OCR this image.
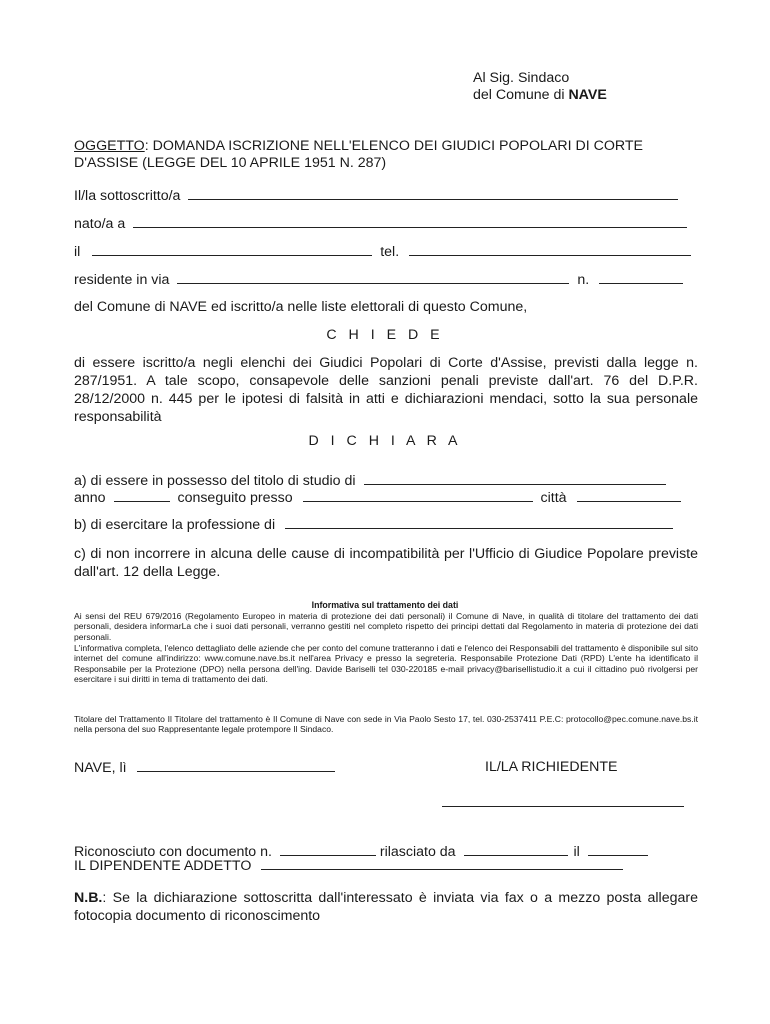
Al Sig. Sindaco
del Comune di NAVE
OGGETTO: DOMANDA ISCRIZIONE NELL'ELENCO DEI GIUDICI POPOLARI DI CORTE
D'ASSISE (LEGGE DEL 10 APRILE 1951 N. 287)
Il/la sottoscritto/a
nato/a a
il	tel.
residente in via	n.
del Comune di NAVE ed iscritto/a nelle liste elettorali di questo Comune,
C H I E D E
di essere iscritto/a negli elenchi dei Giudici Popolari di Corte d'Assise, previsti dalla legge n. 287/1951. A tale scopo, consapevole delle sanzioni penali previste dall'art. 76 del D.P.R. 28/12/2000 n. 445 per le ipotesi di falsità in atti e dichiarazioni mendaci, sotto la sua personale responsabilità
D I C H I A R A
a) di essere in possesso del titolo di studio di
anno	conseguito presso	città
b) di esercitare la professione di
c) di non incorrere in alcuna delle cause di incompatibilità per l'Ufficio di Giudice Popolare previste dall'art. 12 della Legge.
Informativa sul trattamento dei dati
Ai sensi del REU 679/2016 (Regolamento Europeo in materia di protezione dei dati personali) il Comune di Nave, in qualità di titolare del trattamento dei dati personali, desidera informarLa che i suoi dati personali, verranno gestiti nel completo rispetto dei principi dettati dal Regolamento in materia di protezione dei dati personali.
L'informativa completa, l'elenco dettagliato delle aziende che per conto del comune tratteranno i dati e l'elenco dei Responsabili del trattamento è disponibile sul sito internet del comune all'indirizzo: www.comune.nave.bs.it nell'area Privacy e presso la segreteria. Responsabile Protezione Dati (RPD) L'ente ha identificato il Responsabile per la Protezione (DPO) nella persona dell'ing. Davide Bariselli tel 030-220185 e-mail privacy@barisellistudio.it a cui il cittadino può rivolgersi per esercitare i sui diritti in tema di trattamento dei dati.
Titolare del Trattamento Il Titolare del trattamento è Il Comune di Nave con sede in Via Paolo Sesto 17, tel. 030-2537411 P.E.C: protocollo@pec.comune.nave.bs.it nella persona del suo Rappresentante legale protempore Il Sindaco.
NAVE, lì	IL/LA RICHIEDENTE
Riconosciuto con documento n.	rilasciato da	il
IL DIPENDENTE ADDETTO
N.B.: Se la dichiarazione sottoscritta dall'interessato è inviata via fax o a mezzo posta allegare fotocopia documento di riconoscimento
